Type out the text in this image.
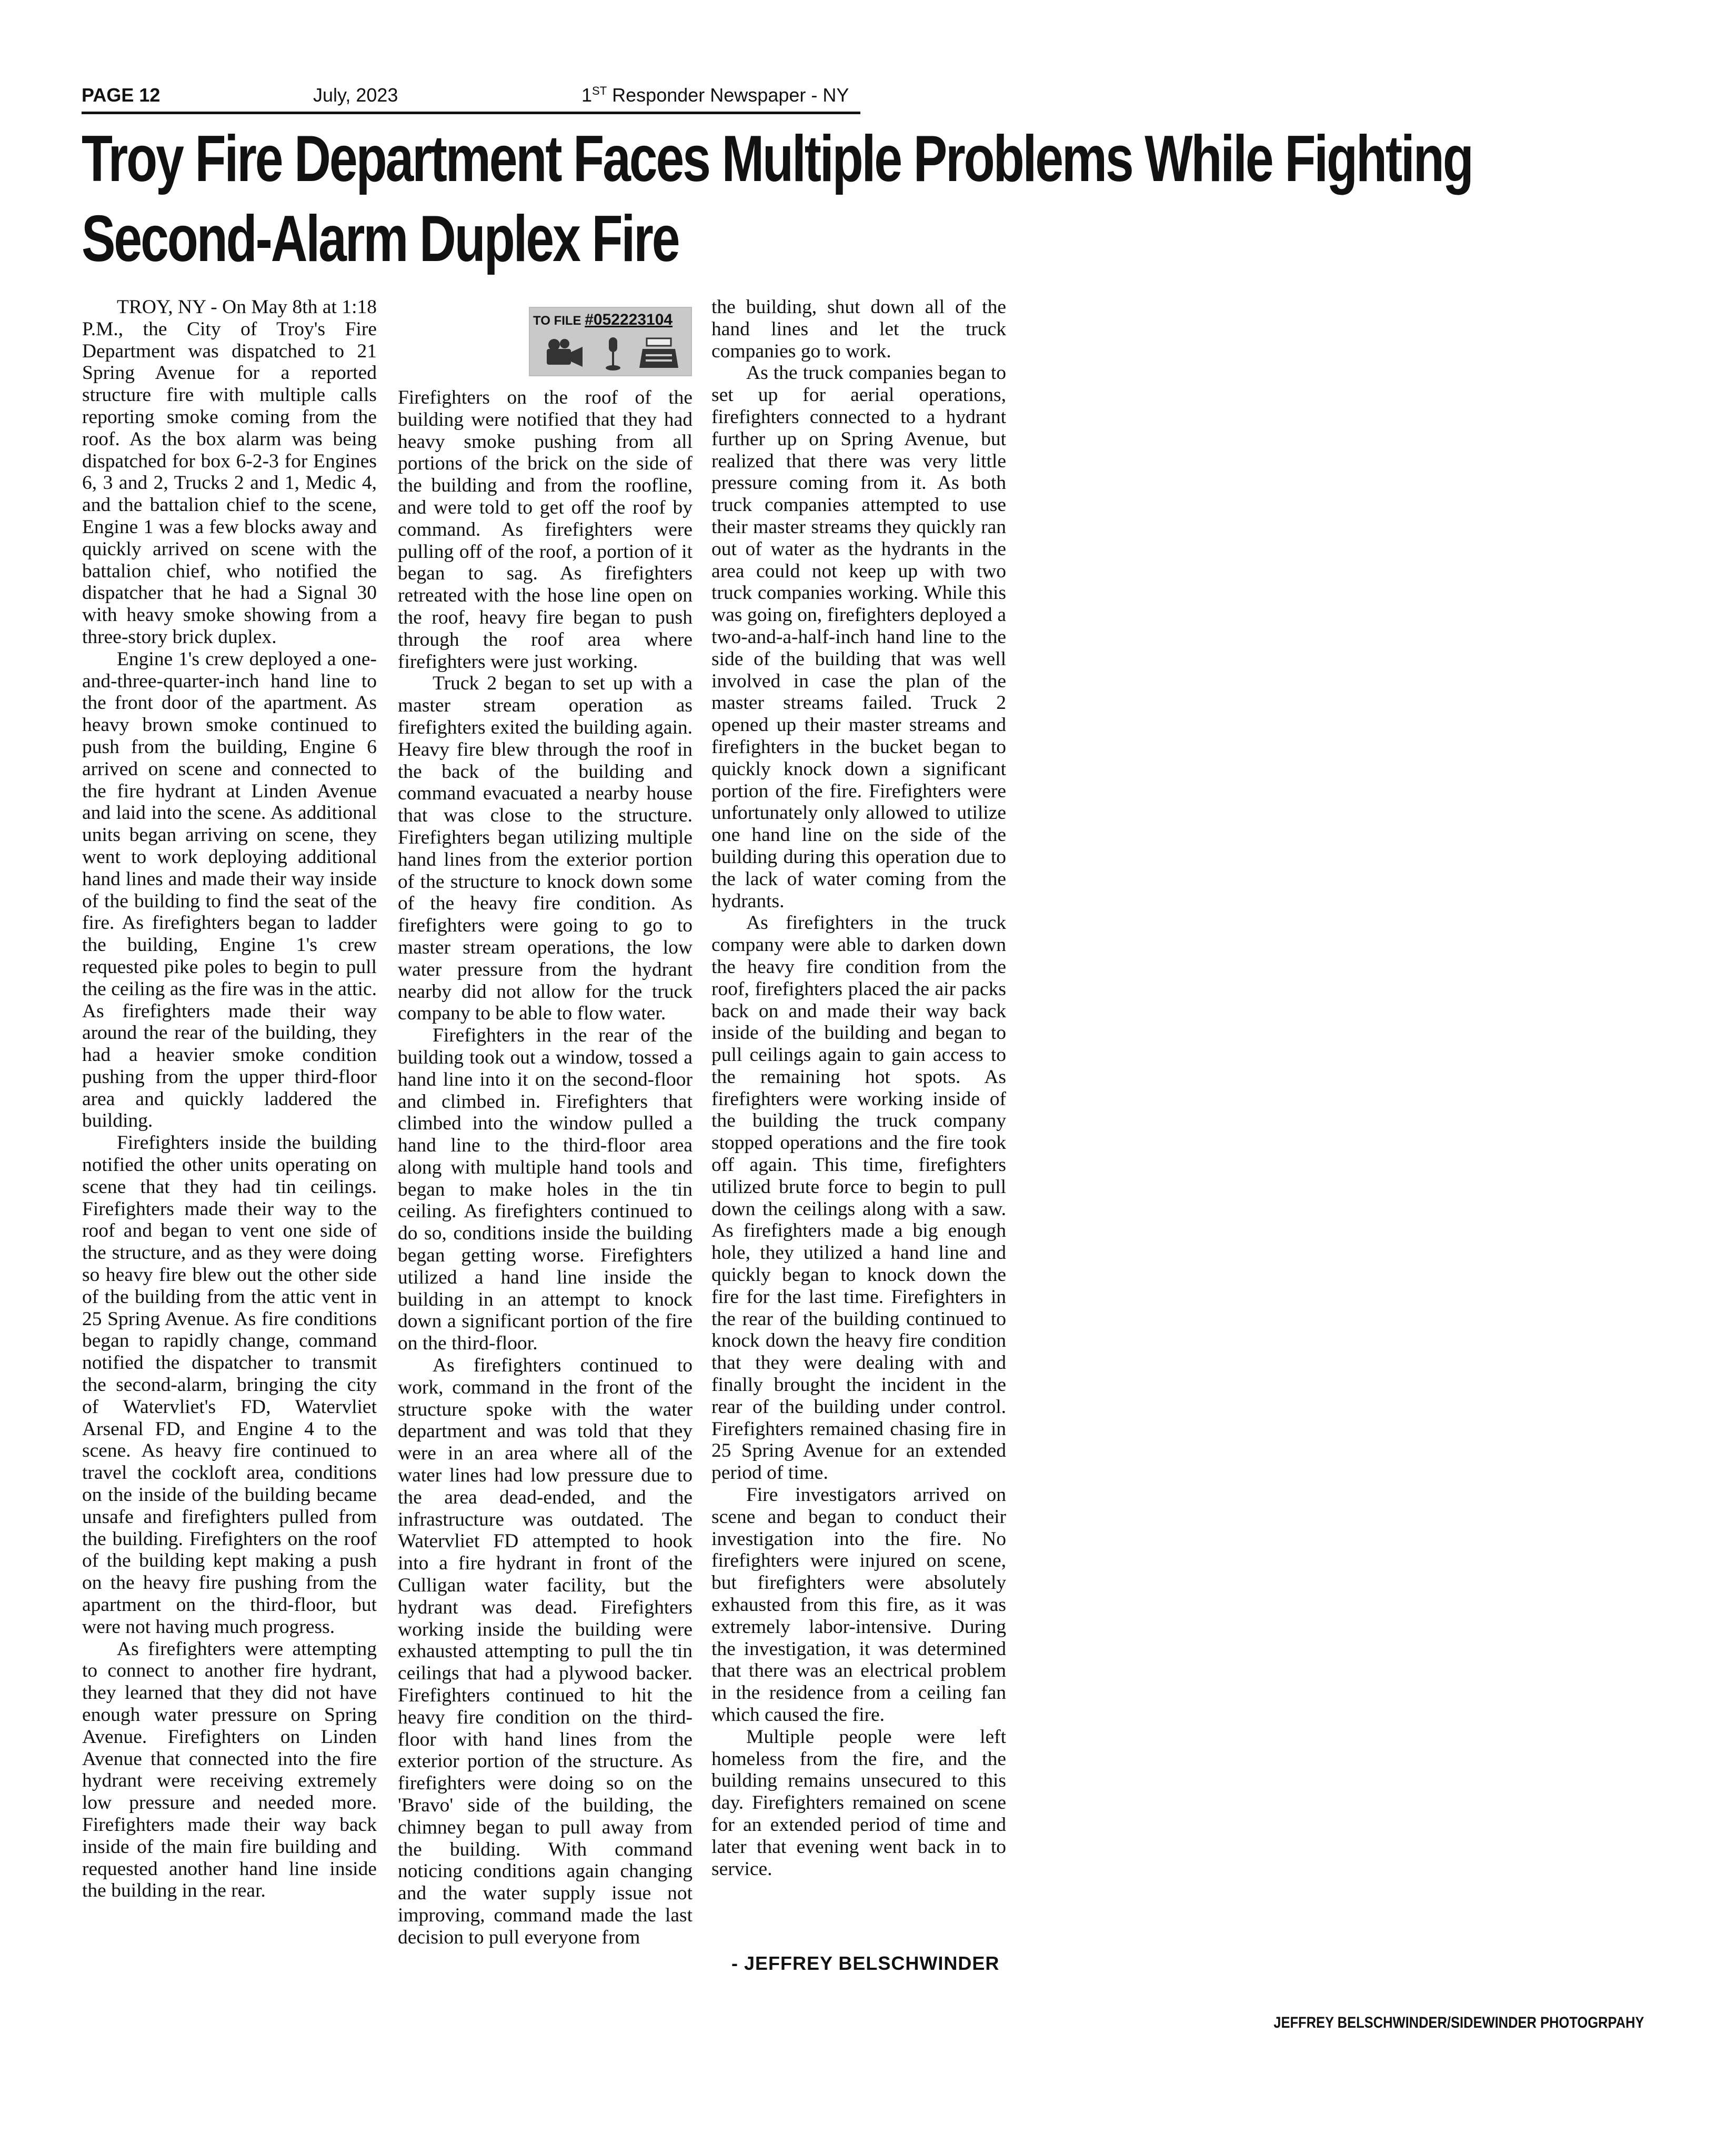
PAGE 12	July, 2023	1ST Responder Newspaper - NY
Troy Fire Department Faces Multiple Problems While Fighting
Second-Alarm Duplex Fire

TROY, NY - On May 8th at 1:18 P.M., the City of Troy's Fire Department was dispatched to 21 Spring Avenue for a reported structure fire with multiple calls reporting smoke coming from the roof. As the box alarm was being dispatched for box 6-2-3 for Engines 6, 3 and 2, Trucks 2 and 1, Medic 4, and the battalion chief to the scene, Engine 1 was a few blocks away and quickly arrived on scene with the battalion chief, who notified the dispatcher that he had a Signal 30 with heavy smoke showing from a three-story brick duplex.

Engine 1's crew deployed a one-and-three-quarter-inch hand line to the front door of the apartment. As heavy brown smoke continued to push from the building, Engine 6 arrived on scene and connected to the fire hydrant at Linden Avenue and laid into the scene. As additional units began arriving on scene, they went to work deploying additional hand lines and made their way inside of the building to find the seat of the fire. As firefighters began to ladder the building, Engine 1's crew requested pike poles to begin to pull the ceiling as the fire was in the attic. As firefighters made their way around the rear of the building, they had a heavier smoke condition pushing from the upper third-floor area and quickly laddered the building.

Firefighters inside the building notified the other units operating on scene that they had tin ceilings. Firefighters made their way to the roof and began to vent one side of the structure, and as they were doing so heavy fire blew out the other side of the building from the attic vent in 25 Spring Avenue. As fire conditions began to rapidly change, command notified the dispatcher to transmit the second-alarm, bringing the city of Watervliet's FD, Watervliet Arsenal FD, and Engine 4 to the scene. As heavy fire continued to travel the cockloft area, conditions on the inside of the building became unsafe and firefighters pulled from the building. Firefighters on the roof of the building kept making a push on the heavy fire pushing from the apartment on the third-floor, but were not having much progress.

As firefighters were attempting to connect to another fire hydrant, they learned that they did not have enough water pressure on Spring Avenue. Firefighters on Linden Avenue that connected into the fire hydrant were receiving extremely low pressure and needed more. Firefighters made their way back inside of the main fire building and requested another hand line inside the building in the rear.

TO FILE #052223104

Firefighters on the roof of the building were notified that they had heavy smoke pushing from all portions of the brick on the side of the building and from the roofline, and were told to get off the roof by command. As firefighters were pulling off of the roof, a portion of it began to sag. As firefighters retreated with the hose line open on the roof, heavy fire began to push through the roof area where firefighters were just working.

Truck 2 began to set up with a master stream operation as firefighters exited the building again. Heavy fire blew through the roof in the back of the building and command evacuated a nearby house that was close to the structure. Firefighters began utilizing multiple hand lines from the exterior portion of the structure to knock down some of the heavy fire condition. As firefighters were going to go to master stream operations, the low water pressure from the hydrant nearby did not allow for the truck company to be able to flow water.

Firefighters in the rear of the building took out a window, tossed a hand line into it on the second-floor and climbed in. Firefighters that climbed into the window pulled a hand line to the third-floor area along with multiple hand tools and began to make holes in the tin ceiling. As firefighters continued to do so, conditions inside the building began getting worse. Firefighters utilized a hand line inside the building in an attempt to knock down a significant portion of the fire on the third-floor.

As firefighters continued to work, command in the front of the structure spoke with the water department and was told that they were in an area where all of the water lines had low pressure due to the area dead-ended, and the infrastructure was outdated. The Watervliet FD attempted to hook into a fire hydrant in front of the Culligan water facility, but the hydrant was dead. Firefighters working inside the building were exhausted attempting to pull the tin ceilings that had a plywood backer. Firefighters continued to hit the heavy fire condition on the third-floor with hand lines from the exterior portion of the structure. As firefighters were doing so on the 'Bravo' side of the building, the chimney began to pull away from the building. With command noticing conditions again changing and the water supply issue not improving, command made the last decision to pull everyone from

the building, shut down all of the hand lines and let the truck companies go to work.

As the truck companies began to set up for aerial operations, firefighters connected to a hydrant further up on Spring Avenue, but realized that there was very little pressure coming from it. As both truck companies attempted to use their master streams they quickly ran out of water as the hydrants in the area could not keep up with two truck companies working. While this was going on, firefighters deployed a two-and-a-half-inch hand line to the side of the building that was well involved in case the plan of the master streams failed. Truck 2 opened up their master streams and firefighters in the bucket began to quickly knock down a significant portion of the fire. Firefighters were unfortunately only allowed to utilize one hand line on the side of the building during this operation due to the lack of water coming from the hydrants.

As firefighters in the truck company were able to darken down the heavy fire condition from the roof, firefighters placed the air packs back on and made their way back inside of the building and began to pull ceilings again to gain access to the remaining hot spots. As firefighters were working inside of the building the truck company stopped operations and the fire took off again. This time, firefighters utilized brute force to begin to pull down the ceilings along with a saw. As firefighters made a big enough hole, they utilized a hand line and quickly began to knock down the fire for the last time. Firefighters in the rear of the building continued to knock down the heavy fire condition that they were dealing with and finally brought the incident in the rear of the building under control. Firefighters remained chasing fire in 25 Spring Avenue for an extended period of time.

Fire investigators arrived on scene and began to conduct their investigation into the fire. No firefighters were injured on scene, but firefighters were absolutely exhausted from this fire, as it was extremely labor-intensive. During the investigation, it was determined that there was an electrical problem in the residence from a ceiling fan which caused the fire.

Multiple people were left homeless from the fire, and the building remains unsecured to this day. Firefighters remained on scene for an extended period of time and later that evening went back in to service.

- JEFFREY BELSCHWINDER
JEFFREY BELSCHWINDER/SIDEWINDER PHOTOGRPAHY
